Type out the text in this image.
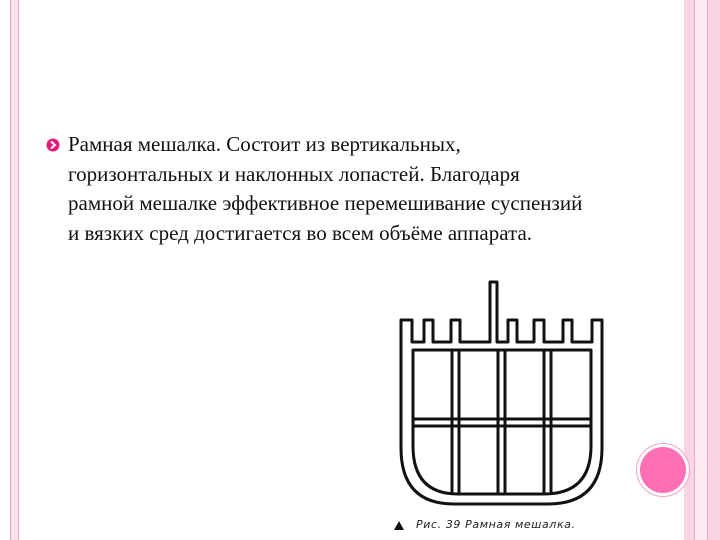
Рамная мешалка. Состоит из вертикальных, горизонтальных и наклонных лопастей. Благодаря рамной мешалке эффективное перемешивание суспензий и вязких сред достигается во всем объёме аппарата.
Рис. 39 Рамная мешалка.
